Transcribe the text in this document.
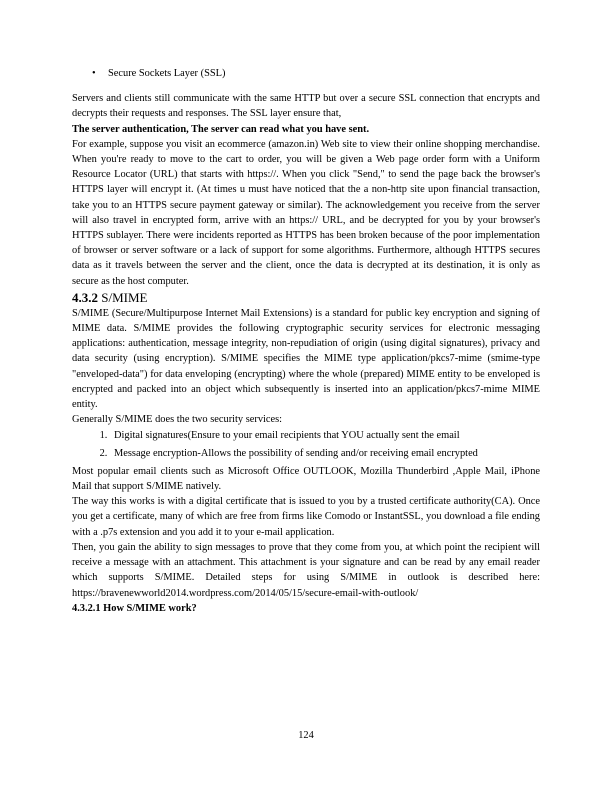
•	Secure Sockets Layer (SSL)

Servers and clients still communicate with the same HTTP but over a secure SSL connection that encrypts and decrypts their requests and responses. The SSL layer ensure that,

The server authentication, The server can read what you have sent.

For example, suppose you visit an ecommerce (amazon.in) Web site to view their online shopping merchandise. When you're ready to move to the cart to order, you will be given a Web page order form with a Uniform Resource Locator (URL) that starts with https://. When you click "Send," to send the page back the browser's HTTPS layer will encrypt it. (At times u must have noticed that the a non-http site upon financial transaction, take you to an HTTPS secure payment gateway or similar). The acknowledgement you receive from the server will also travel in encrypted form, arrive with an https:// URL, and be decrypted for you by your browser's HTTPS sublayer. There were incidents reported as HTTPS has been broken because of the poor implementation of browser or server software or a lack of support for some algorithms. Furthermore, although HTTPS secures data as it travels between the server and the client, once the data is decrypted at its destination, it is only as secure as the host computer.

4.3.2 S/MIME

S/MIME (Secure/Multipurpose Internet Mail Extensions) is a standard for public key encryption and signing of MIME data. S/MIME provides the following cryptographic security services for electronic messaging applications: authentication, message integrity, non-repudiation of origin (using digital signatures), privacy and data security (using encryption). S/MIME specifies the MIME type application/pkcs7-mime (smime-type "enveloped-data") for data enveloping (encrypting) where the whole (prepared) MIME entity to be enveloped is encrypted and packed into an object which subsequently is inserted into an application/pkcs7-mime MIME entity.

Generally S/MIME does the two security services:

1. Digital signatures(Ensure to your email recipients that YOU actually sent the email
2. Message encryption-Allows the possibility of sending and/or receiving email encrypted

Most popular email clients such as Microsoft Office OUTLOOK, Mozilla Thunderbird ,Apple Mail, iPhone Mail that support S/MIME natively.

The way this works is with a digital certificate that is issued to you by a trusted certificate authority(CA). Once you get a certificate, many of which are free from firms like Comodo or InstantSSL, you download a file ending with a .p7s extension and you add it to your e-mail application.

Then, you gain the ability to sign messages to prove that they come from you, at which point the recipient will receive a message with an attachment. This attachment is your signature and can be read by any email reader which supports S/MIME. Detailed steps for using S/MIME in outlook is described here: https://bravenewworld2014.wordpress.com/2014/05/15/secure-email-with-outlook/

4.3.2.1 How S/MIME work?

124
